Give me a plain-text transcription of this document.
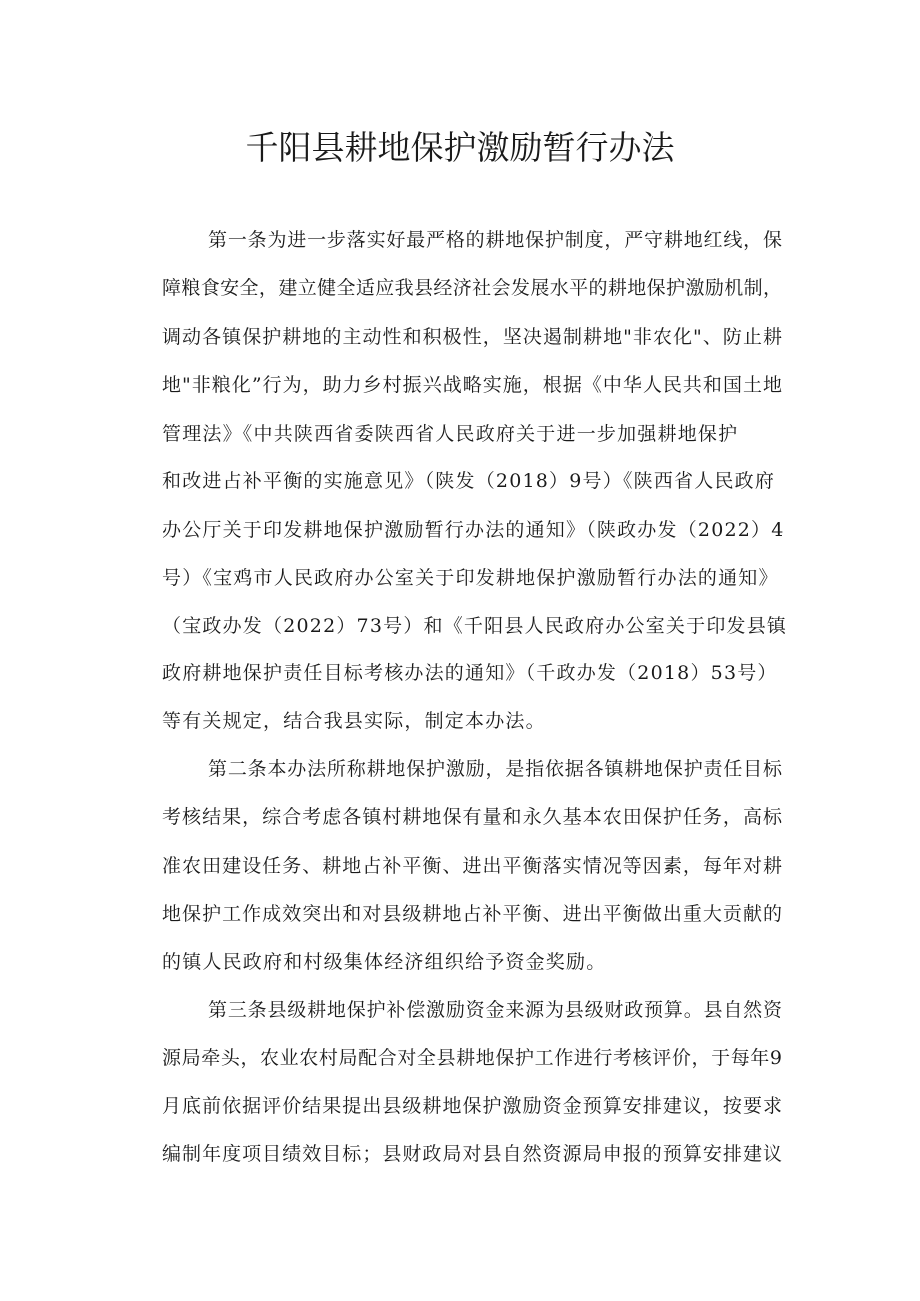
千阳县耕地保护激励暂行办法
第一条为进一步落实好最严格的耕地保护制度，严守耕地红线，保
障粮食安全，建立健全适应我县经济社会发展水平的耕地保护激励机制，
调动各镇保护耕地的主动性和积极性，坚决遏制耕地"非农化"、防止耕
地"非粮化”行为，助力乡村振兴战略实施，根据《中华人民共和国土地
管理法》《中共陕西省委陕西省人民政府关于进一步加强耕地保护
和改进占补平衡的实施意见》（陕发（2018）9号）《陕西省人民政府
办公厅关于印发耕地保护激励暂行办法的通知》（陕政办发（2022）4
号）《宝鸡市人民政府办公室关于印发耕地保护激励暂行办法的通知》
（宝政办发（2022）73号）和《千阳县人民政府办公室关于印发县镇
政府耕地保护责任目标考核办法的通知》（千政办发（2018）53号）
等有关规定，结合我县实际，制定本办法。
第二条本办法所称耕地保护激励，是指依据各镇耕地保护责任目标
考核结果，综合考虑各镇村耕地保有量和永久基本农田保护任务，高标
准农田建设任务、耕地占补平衡、进出平衡落实情况等因素，每年对耕
地保护工作成效突出和对县级耕地占补平衡、进出平衡做出重大贡献的
的镇人民政府和村级集体经济组织给予资金奖励。
第三条县级耕地保护补偿激励资金来源为县级财政预算。县自然资
源局牵头，农业农村局配合对全县耕地保护工作进行考核评价，于每年9
月底前依据评价结果提出县级耕地保护激励资金预算安排建议，按要求
编制年度项目绩效目标；县财政局对县自然资源局申报的预算安排建议
